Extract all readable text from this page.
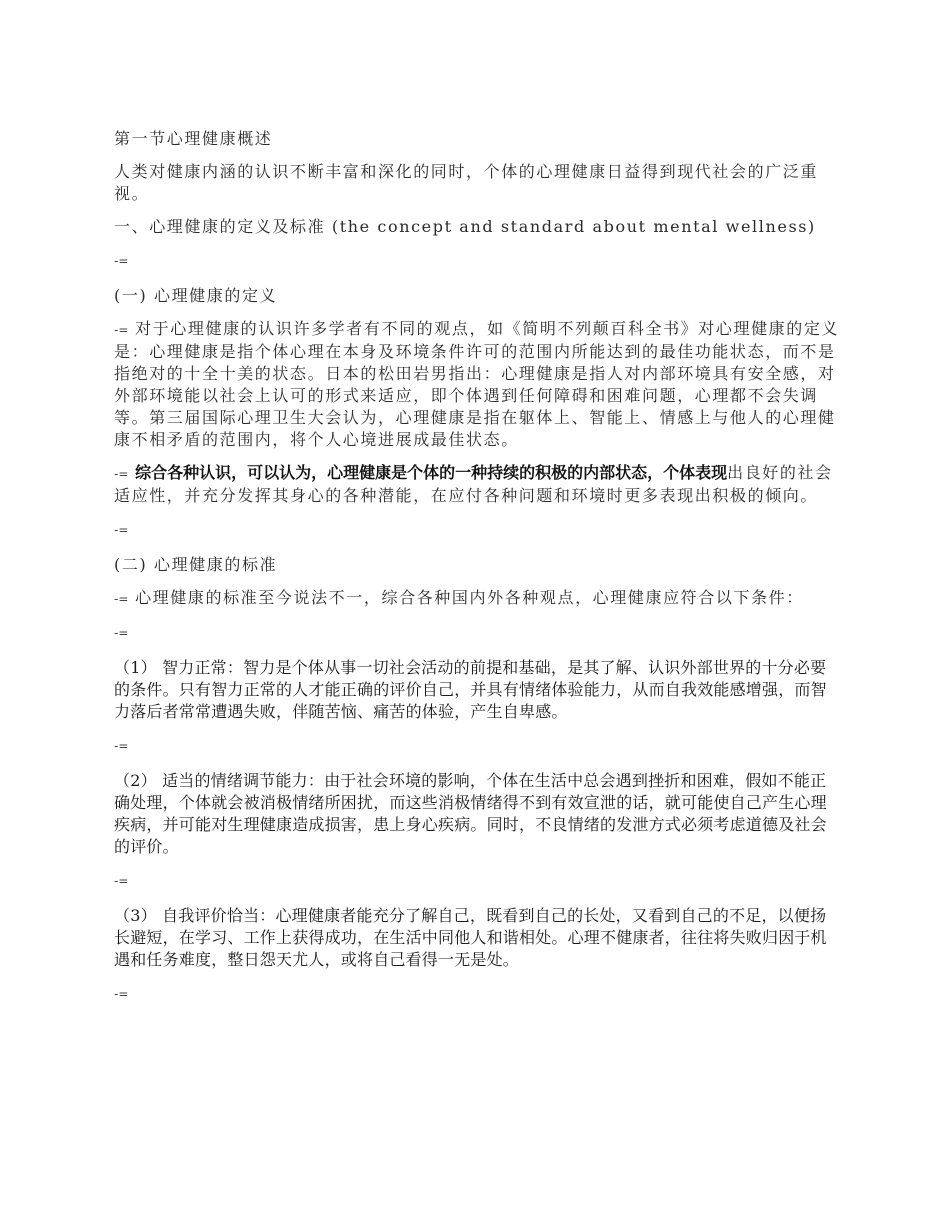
第一节心理健康概述

人类对健康内涵的认识不断丰富和深化的同时，个体的心理健康日益得到现代社会的广泛重视。

一、心理健康的定义及标准 (the concept and standard about mental wellness)

-=

(一) 心理健康的定义

-= 对于心理健康的认识许多学者有不同的观点，如《简明不列颠百科全书》对心理健康的定义是：心理健康是指个体心理在本身及环境条件许可的范围内所能达到的最佳功能状态，而不是指绝对的十全十美的状态。日本的松田岩男指出：心理健康是指人对内部环境具有安全感，对外部环境能以社会上认可的形式来适应，即个体遇到任何障碍和困难问题，心理都不会失调等。第三届国际心理卫生大会认为，心理健康是指在躯体上、智能上、情感上与他人的心理健康不相矛盾的范围内，将个人心境进展成最佳状态。

-= 综合各种认识，可以认为，心理健康是个体的一种持续的积极的内部状态，个体表现出良好的社会适应性，并充分发挥其身心的各种潜能，在应付各种问题和环境时更多表现出积极的倾向。

-=

(二) 心理健康的标准

-= 心理健康的标准至今说法不一，综合各种国内外各种观点，心理健康应符合以下条件：

-=

（1） 智力正常：智力是个体从事一切社会活动的前提和基础，是其了解、认识外部世界的十分必要的条件。只有智力正常的人才能正确的评价自己，并具有情绪体验能力，从而自我效能感增强，而智力落后者常常遭遇失败，伴随苦恼、痛苦的体验，产生自卑感。

-=

（2） 适当的情绪调节能力：由于社会环境的影响，个体在生活中总会遇到挫折和困难，假如不能正确处理，个体就会被消极情绪所困扰，而这些消极情绪得不到有效宣泄的话，就可能使自己产生心理疾病，并可能对生理健康造成损害，患上身心疾病。同时，不良情绪的发泄方式必须考虑道德及社会的评价。

-=

（3） 自我评价恰当：心理健康者能充分了解自己，既看到自己的长处，又看到自己的不足，以便扬长避短，在学习、工作上获得成功，在生活中同他人和谐相处。心理不健康者，往往将失败归因于机遇和任务难度，整日怨天尤人，或将自己看得一无是处。

-=
